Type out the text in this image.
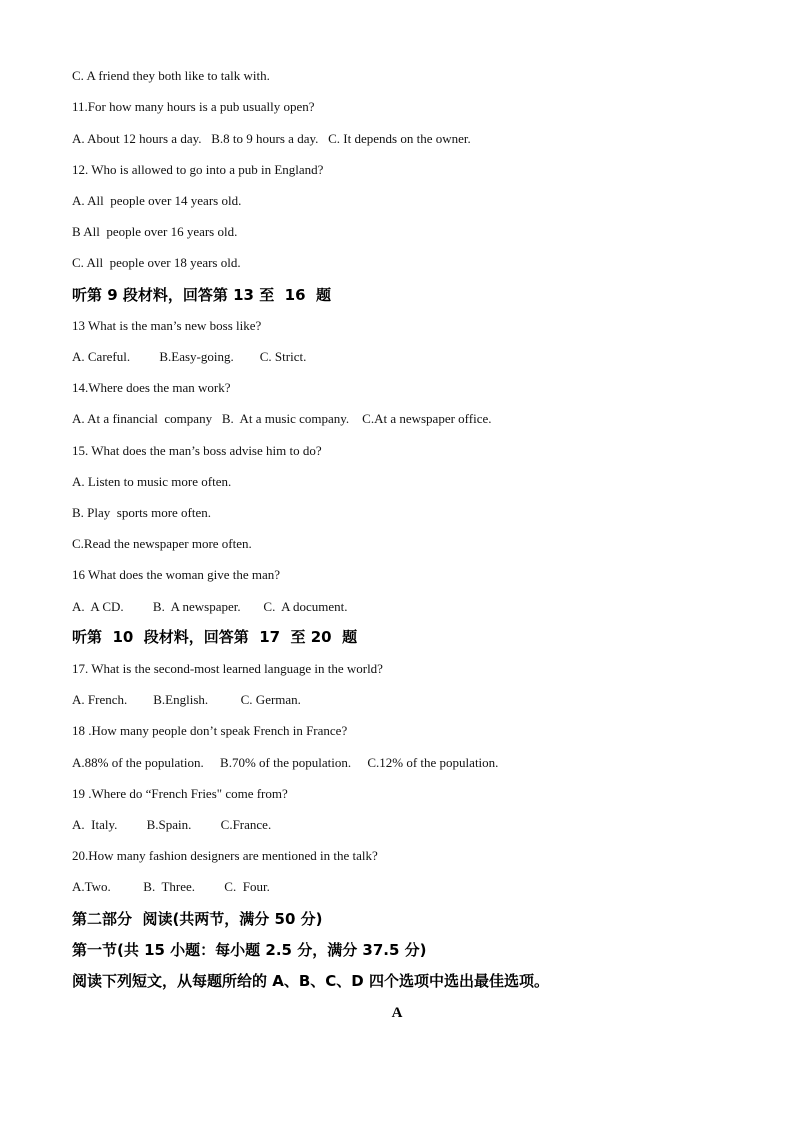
C. A friend they both like to talk with.
11.For how many hours is a pub usually open?
A. About 12 hours a day.   B.8 to 9 hours a day.   C. It depends on the owner.
12. Who is allowed to go into a pub in England?
A. All  people over 14 years old.
B All  people over 16 years old.
C. All  people over 18 years old.
听第 9 段材料，回答第 13 至  16  题
13 What is the man’s new boss like?
A. Careful.         B.Easy-going.        C. Strict.
14.Where does the man work?
A. At a financial  company   B.  At a music company.    C.At a newspaper office.
15. What does the man’s boss advise him to do?
A. Listen to music more often.
B. Play  sports more often.
C.Read the newspaper more often.
16 What does the woman give the man?
A.  A CD.         B.  A newspaper.       C.  A document.
听第  10  段材料，回答第  17  至 20  题
17. What is the second-most learned language in the world?
A. French.        B.English.          C. German.
18 .How many people don’t speak French in France?
A.88% of the population.     B.70% of the population.     C.12% of the population.
19 .Where do “French Fries" come from?
A.  Italy.         B.Spain.         C.France.
20.How many fashion designers are mentioned in the talk?
A.Two.          B.  Three.         C.  Four.
第二部分  阅读(共两节，满分 50 分)
第一节(共 15 小题：每小题 2.5 分，满分 37.5 分)
阅读下列短文，从每题所给的 A、B、C、D 四个选项中选出最佳选项。
A
